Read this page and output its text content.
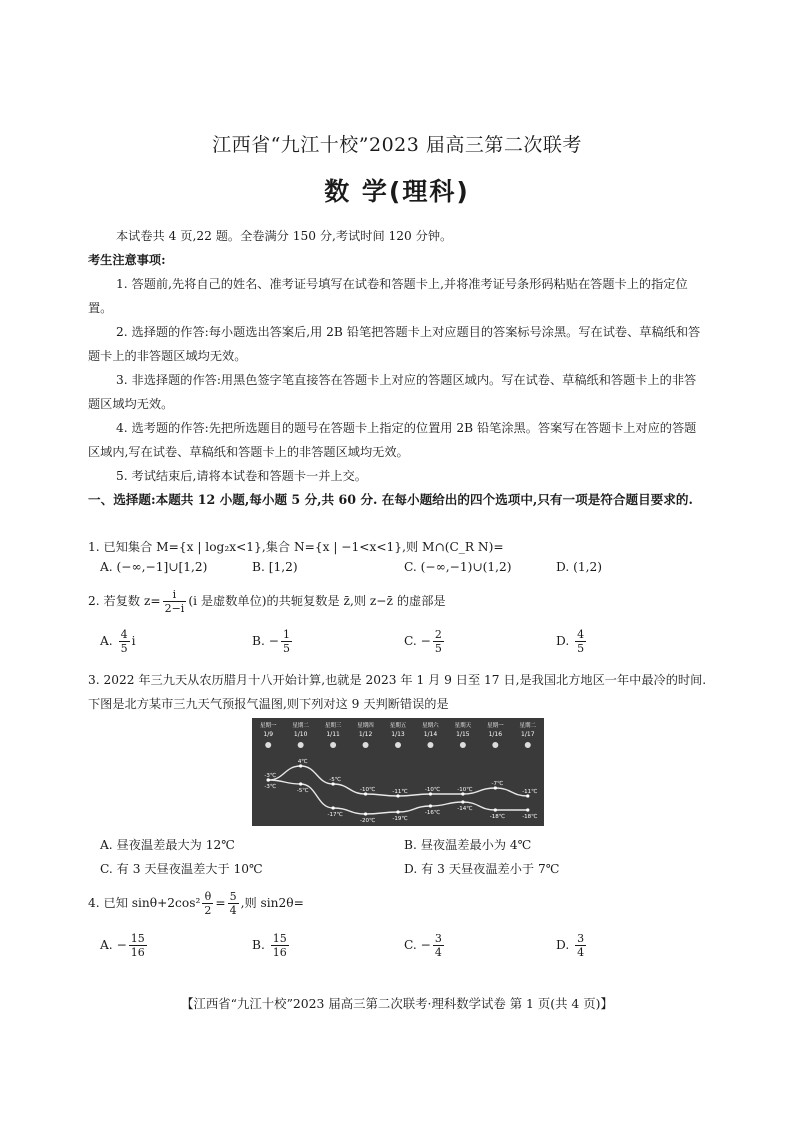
江西省“九江十校”2023 届高三第二次联考
数 学(理科)
本试卷共 4 页,22 题。全卷满分 150 分,考试时间 120 分钟。
考生注意事项:
1. 答题前,先将自己的姓名、准考证号填写在试卷和答题卡上,并将准考证号条形码粘贴在答题卡上的指定位置。
2. 选择题的作答:每小题选出答案后,用 2B 铅笔把答题卡上对应题目的答案标号涂黑。写在试卷、草稿纸和答题卡上的非答题区域均无效。
3. 非选择题的作答:用黑色签字笔直接答在答题卡上对应的答题区域内。写在试卷、草稿纸和答题卡上的非答题区域均无效。
4. 选考题的作答:先把所选题目的题号在答题卡上指定的位置用 2B 铅笔涂黑。答案写在答题卡上对应的答题区域内,写在试卷、草稿纸和答题卡上的非答题区域均无效。
5. 考试结束后,请将本试卷和答题卡一并上交。
一、选择题:本题共 12 小题,每小题 5 分,共 60 分. 在每小题给出的四个选项中,只有一项是符合题目要求的.
1. 已知集合 M={x | log₂x<1},集合 N={x | −1<x<1},则 M∩(C_R N)=
A. (−∞,−1]∪[1,2)	B. [1,2)	C. (−∞,−1)∪(1,2)	D. (1,2)
2. 若复数 $z= \frac{i}{2-i} (i$ 是虚数单位)的共轭复数是 z̄,则 z−z̄ 的虚部是
A. $\frac{4}{5}$ i	B. − $\frac{1}{5}$	C. − $\frac{2}{5}$	D. $\frac{4}{5}$
3. 2022 年三九天从农历腊月十八开始计算,也就是 2023 年 1 月 9 日至 17 日,是我国北方地区一年中最冷的时间. 下图是北方某市三九天气预报气温图,则下列对这 9 天判断错误的是
星期一
1/9
星期二
1/10
星期三
1/11
星期四
1/12
星期五
1/13
星期六
1/14
星期天
1/15
星期一
1/16
星期二
1/17
-3℃
4℃
-5℃
-10℃	-11℃	-10℃	-10℃
-7℃
-11℃
-3℃
-5℃
-17℃
-20℃	-19℃
-16℃
-14℃
-18℃	-18℃
A. 昼夜温差最大为 12℃	B. 昼夜温差最小为 4℃
C. 有 3 天昼夜温差大于 10℃	D. 有 3 天昼夜温差小于 7℃
4. 已知 $\sin\theta+2\cos^2 \frac{\theta}{2} = \frac{5}{4}$ ,则 sin2θ=
A. − $\frac{15}{16}$	B. $\frac{15}{16}$	C. − $\frac{3}{4}$	D. $\frac{3}{4}$
【江西省“九江十校”2023 届高三第二次联考·理科数学试卷 第 1 页(共 4 页)】
